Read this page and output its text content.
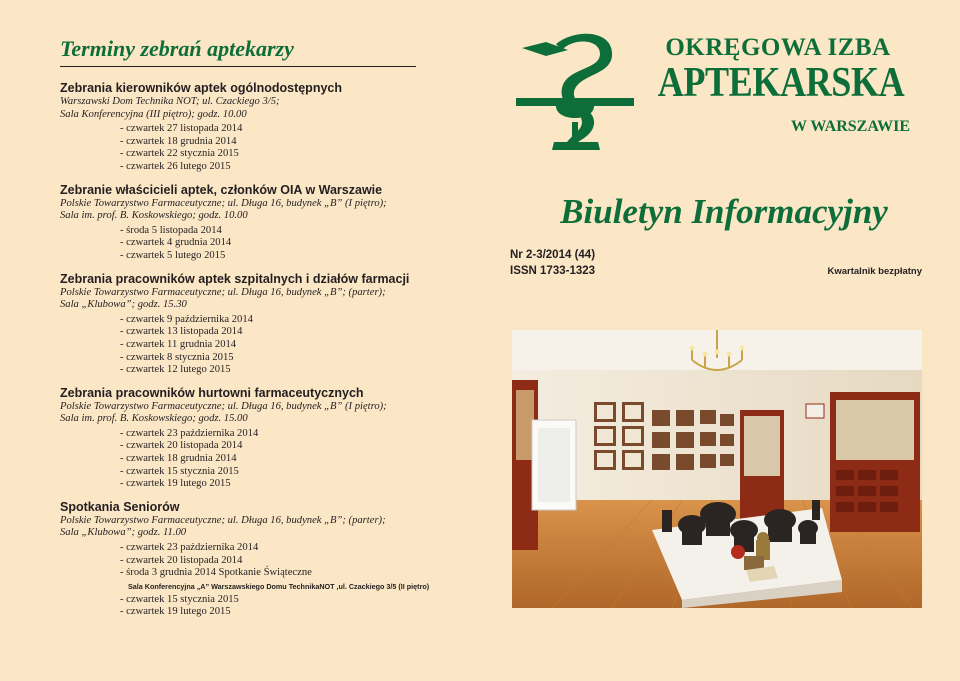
Terminy zebrań aptekarzy
Zebrania kierowników aptek ogólnodostępnych
Warszawski Dom Technika NOT; ul. Czackiego 3/5;
Sala Konferencyjna (III piętro); godz. 10.00
- czwartek 27 listopada 2014
- czwartek 18 grudnia 2014
- czwartek 22 stycznia 2015
- czwartek 26 lutego 2015
Zebranie właścicieli aptek, członków OIA w Warszawie
Polskie Towarzystwo Farmaceutyczne; ul. Długa 16, budynek „B” (I piętro);
Sala im. prof. B. Koskowskiego; godz. 10.00
- środa 5 listopada 2014
- czwartek 4 grudnia 2014
- czwartek 5 lutego 2015
Zebrania pracowników aptek szpitalnych i działów farmacji
Polskie Towarzystwo Farmaceutyczne; ul. Długa 16, budynek „B”; (parter);
Sala „Klubowa”; godz. 15.30
- czwartek 9 października 2014
- czwartek 13 listopada 2014
- czwartek 11 grudnia 2014
- czwartek 8 stycznia 2015
- czwartek 12 lutego 2015
Zebrania pracowników hurtowni farmaceutycznych
Polskie Towarzystwo Farmaceutyczne; ul. Długa 16, budynek „B” (I piętro);
Sala im. prof. B. Koskowskiego; godz. 15.00
- czwartek 23 października 2014
- czwartek 20 listopada 2014
- czwartek 18 grudnia 2014
- czwartek 15 stycznia 2015
- czwartek 19 lutego 2015
Spotkania Seniorów
Polskie Towarzystwo Farmaceutyczne; ul. Długa 16, budynek „B”; (parter);
Sala „Klubowa”; godz. 11.00
- czwartek 23 października 2014
- czwartek 20 listopada 2014
- środa 3 grudnia 2014 Spotkanie Świąteczne
Sala Konferencyjna „A” Warszawskiego Domu TechnikaNOT ,ul. Czackiego 3/5 (II piętro)
- czwartek 15 stycznia 2015
- czwartek 19 lutego 2015
OKRĘGOWA IZBA
APTEKARSKA
W WARSZAWIE
Biuletyn Informacyjny
Nr 2-3/2014 (44)
ISSN 1733-1323	Kwartalnik bezpłatny
